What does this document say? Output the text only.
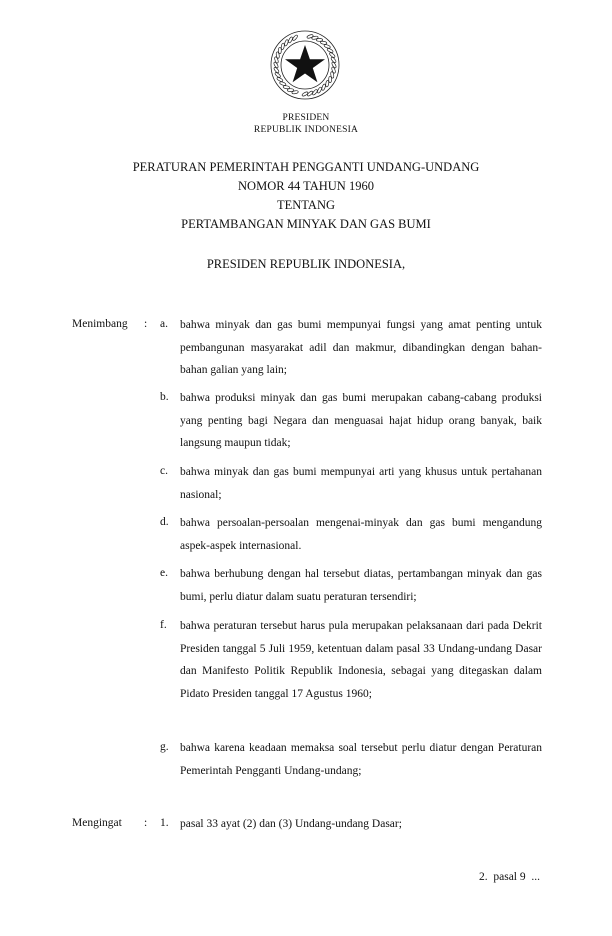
PRESIDEN
REPUBLIK INDONESIA
PERATURAN PEMERINTAH PENGGANTI UNDANG-UNDANG
NOMOR 44 TAHUN 1960
TENTANG
PERTAMBANGAN MINYAK DAN GAS BUMI
PRESIDEN REPUBLIK INDONESIA,
Menimbang : a.	bahwa minyak dan gas bumi mempunyai fungsi yang amat penting untuk pembangunan masyarakat adil dan makmur, dibandingkan dengan bahan-bahan galian yang lain;
b. bahwa produksi minyak dan gas bumi merupakan cabang-cabang produksi yang penting bagi Negara dan menguasai hajat hidup orang banyak, baik langsung maupun tidak;
c.	bahwa minyak dan gas bumi mempunyai arti yang khusus untuk pertahanan nasional;
d. bahwa persoalan-persoalan mengenai-minyak dan gas bumi mengandung aspek-aspek internasional.
e.	bahwa berhubung dengan hal tersebut diatas, pertambangan minyak dan gas bumi, perlu diatur dalam suatu peraturan tersendiri;
f.	bahwa peraturan tersebut harus pula merupakan pelaksanaan dari pada Dekrit Presiden tanggal 5 Juli 1959, ketentuan dalam pasal 33 Undang-undang Dasar dan Manifesto Politik Republik Indonesia, sebagai yang ditegaskan dalam Pidato Presiden tanggal 17 Agustus 1960;
g. bahwa karena keadaan memaksa soal tersebut perlu diatur dengan Peraturan Pemerintah Pengganti Undang-undang;
Mengingat : 1. pasal 33 ayat (2) dan (3) Undang-undang Dasar;
2.  pasal 9  ...
